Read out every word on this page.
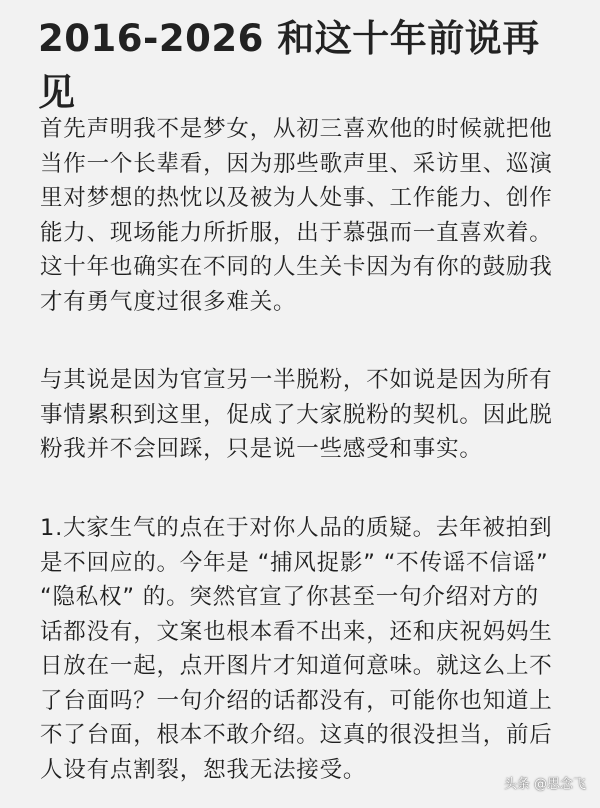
2016-2026 和这十年前说再
见
首先声明我不是梦女，从初三喜欢他的时候就把他
当作一个长辈看，因为那些歌声里、采访里、巡演
里对梦想的热忱以及被为人处事、工作能力、创作
能力、现场能力所折服，出于慕强而一直喜欢着。
这十年也确实在不同的人生关卡因为有你的鼓励我
才有勇气度过很多难关。
与其说是因为官宣另一半脱粉，不如说是因为所有
事情累积到这里，促成了大家脱粉的契机。因此脱
粉我并不会回踩，只是说一些感受和事实。
1.大家生气的点在于对你人品的质疑。去年被拍到
是不回应的。今年是 “捕风捉影” “不传谣不信谣”
“隐私权” 的。突然官宣了你甚至一句介绍对方的
话都没有，文案也根本看不出来，还和庆祝妈妈生
日放在一起，点开图片才知道何意味。就这么上不
了台面吗？一句介绍的话都没有，可能你也知道上
不了台面，根本不敢介绍。这真的很没担当，前后
人设有点割裂，恕我无法接受。
头条 @思念飞
